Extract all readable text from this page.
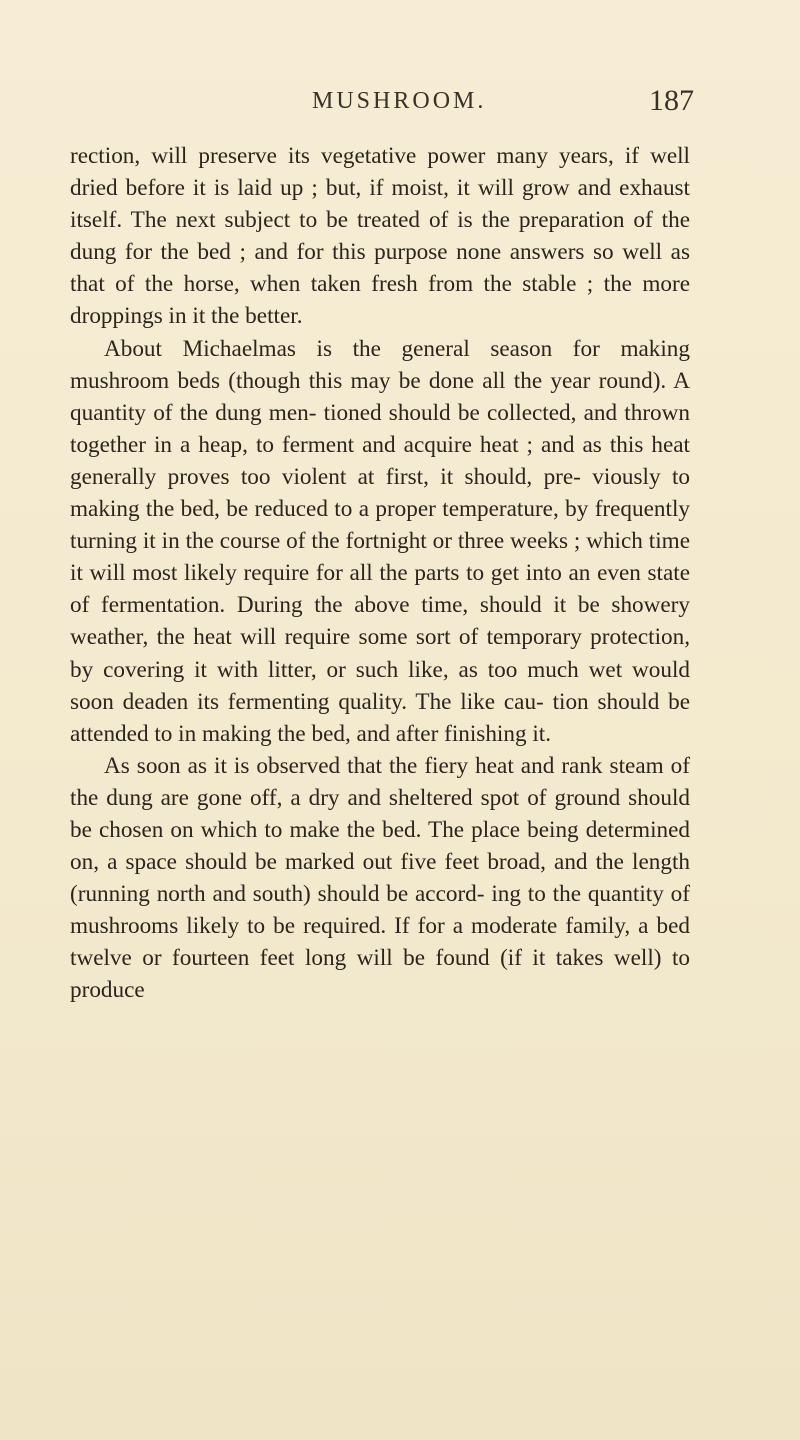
MUSHROOM.	187

rection, will preserve its vegetative power many years, if well dried before it is laid up ; but, if moist, it will grow and exhaust itself. The next subject to be treated of is the preparation of the dung for the bed ; and for this purpose none answers so well as that of the horse, when taken fresh from the stable ; the more droppings in it the better.

About Michaelmas is the general season for making mushroom beds (though this may be done all the year round). A quantity of the dung men- tioned should be collected, and thrown together in a heap, to ferment and acquire heat ; and as this heat generally proves too violent at first, it should, pre- viously to making the bed, be reduced to a proper temperature, by frequently turning it in the course of the fortnight or three weeks ; which time it will most likely require for all the parts to get into an even state of fermentation. During the above time, should it be showery weather, the heat will require some sort of temporary protection, by covering it with litter, or such like, as too much wet would soon deaden its fermenting quality. The like cau- tion should be attended to in making the bed, and after finishing it.

As soon as it is observed that the fiery heat and rank steam of the dung are gone off, a dry and sheltered spot of ground should be chosen on which to make the bed. The place being determined on, a space should be marked out five feet broad, and the length (running north and south) should be accord- ing to the quantity of mushrooms likely to be required. If for a moderate family, a bed twelve or fourteen feet long will be found (if it takes well) to produce
